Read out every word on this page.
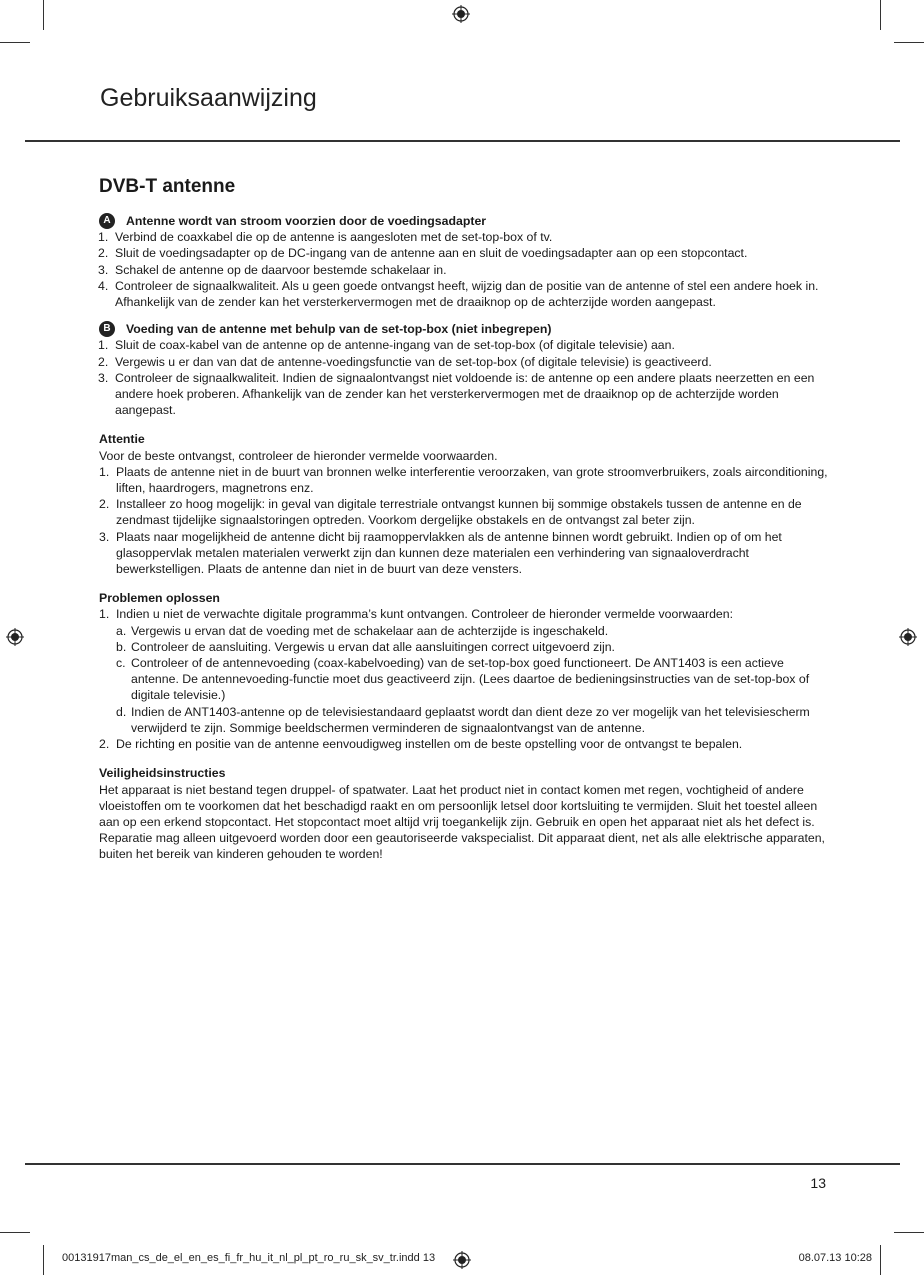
Gebruiksaanwijzing
DVB-T antenne
A	Antenne wordt van stroom voorzien door de voedingsadapter
1. Verbind de coaxkabel die op de antenne is aangesloten met de set-top-box of tv.
2. Sluit de voedingsadapter op de DC-ingang van de antenne aan en sluit de voedingsadapter aan op een stopcontact.
3. Schakel de antenne op de daarvoor bestemde schakelaar in.
4. Controleer de signaalkwaliteit. Als u geen goede ontvangst heeft, wijzig dan de positie van de antenne of stel een andere hoek in. Afhankelijk van de zender kan het versterkervermogen met de draaiknop op de achterzijde worden aangepast.
B	Voeding van de antenne met behulp van de set-top-box (niet inbegrepen)
1. Sluit de coax-kabel van de antenne op de antenne-ingang van de set-top-box (of digitale televisie) aan.
2. Vergewis u er dan van dat de antenne-voedingsfunctie van de set-top-box (of digitale televisie) is geactiveerd.
3. Controleer de signaalkwaliteit. Indien de signaalontvangst niet voldoende is: de antenne op een andere plaats neerzetten en een andere hoek proberen. Afhankelijk van de zender kan het versterkervermogen met de draaiknop op de achterzijde worden aangepast.
Attentie
Voor de beste ontvangst, controleer de hieronder vermelde voorwaarden.
1. Plaats de antenne niet in de buurt van bronnen welke interferentie veroorzaken, van grote stroomverbruikers, zoals airconditioning, liften, haardrogers, magnetrons enz.
2. Installeer zo hoog mogelijk: in geval van digitale terrestriale ontvangst kunnen bij sommige obstakels tussen de antenne en de zendmast tijdelijke signaalstoringen optreden. Voorkom dergelijke obstakels en de ontvangst zal beter zijn.
3. Plaats naar mogelijkheid de antenne dicht bij raamoppervlakken als de antenne binnen wordt gebruikt. Indien op of om het glasoppervlak metalen materialen verwerkt zijn dan kunnen deze materialen een verhindering van signaaloverdracht bewerkstelligen. Plaats de antenne dan niet in de buurt van deze vensters.
Problemen oplossen
1. Indien u niet de verwachte digitale programma’s kunt ontvangen. Controleer de hieronder vermelde voorwaarden:
a. Vergewis u ervan dat de voeding met de schakelaar aan de achterzijde is ingeschakeld.
b. Controleer de aansluiting. Vergewis u ervan dat alle aansluitingen correct uitgevoerd zijn.
c. Controleer of de antennevoeding (coax-kabelvoeding) van de set-top-box goed functioneert. De ANT1403 is een actieve antenne. De antennevoeding-functie moet dus geactiveerd zijn. (Lees daartoe de bedieningsinstructies van de set-top-box of digitale televisie.)
d. Indien de ANT1403-antenne op de televisiestandaard geplaatst wordt dan dient deze zo ver mogelijk van het televisiescherm verwijderd te zijn. Sommige beeldschermen verminderen de signaalontvangst van de antenne.
2. De richting en positie van de antenne eenvoudigweg instellen om de beste opstelling voor de ontvangst te bepalen.
Veiligheidsinstructies
Het apparaat is niet bestand tegen druppel- of spatwater. Laat het product niet in contact komen met regen, vochtigheid of andere vloeistoffen om te voorkomen dat het beschadigd raakt en om persoonlijk letsel door kortsluiting te vermijden. Sluit het toestel alleen aan op een erkend stopcontact. Het stopcontact moet altijd vrij toegankelijk zijn. Gebruik en open het apparaat niet als het defect is. Reparatie mag alleen uitgevoerd worden door een geautoriseerde vakspecialist. Dit apparaat dient, net als alle elektrische apparaten, buiten het bereik van kinderen gehouden te worden!
13
00131917man_cs_de_el_en_es_fi_fr_hu_it_nl_pl_pt_ro_ru_sk_sv_tr.indd 13	08.07.13 10:28
